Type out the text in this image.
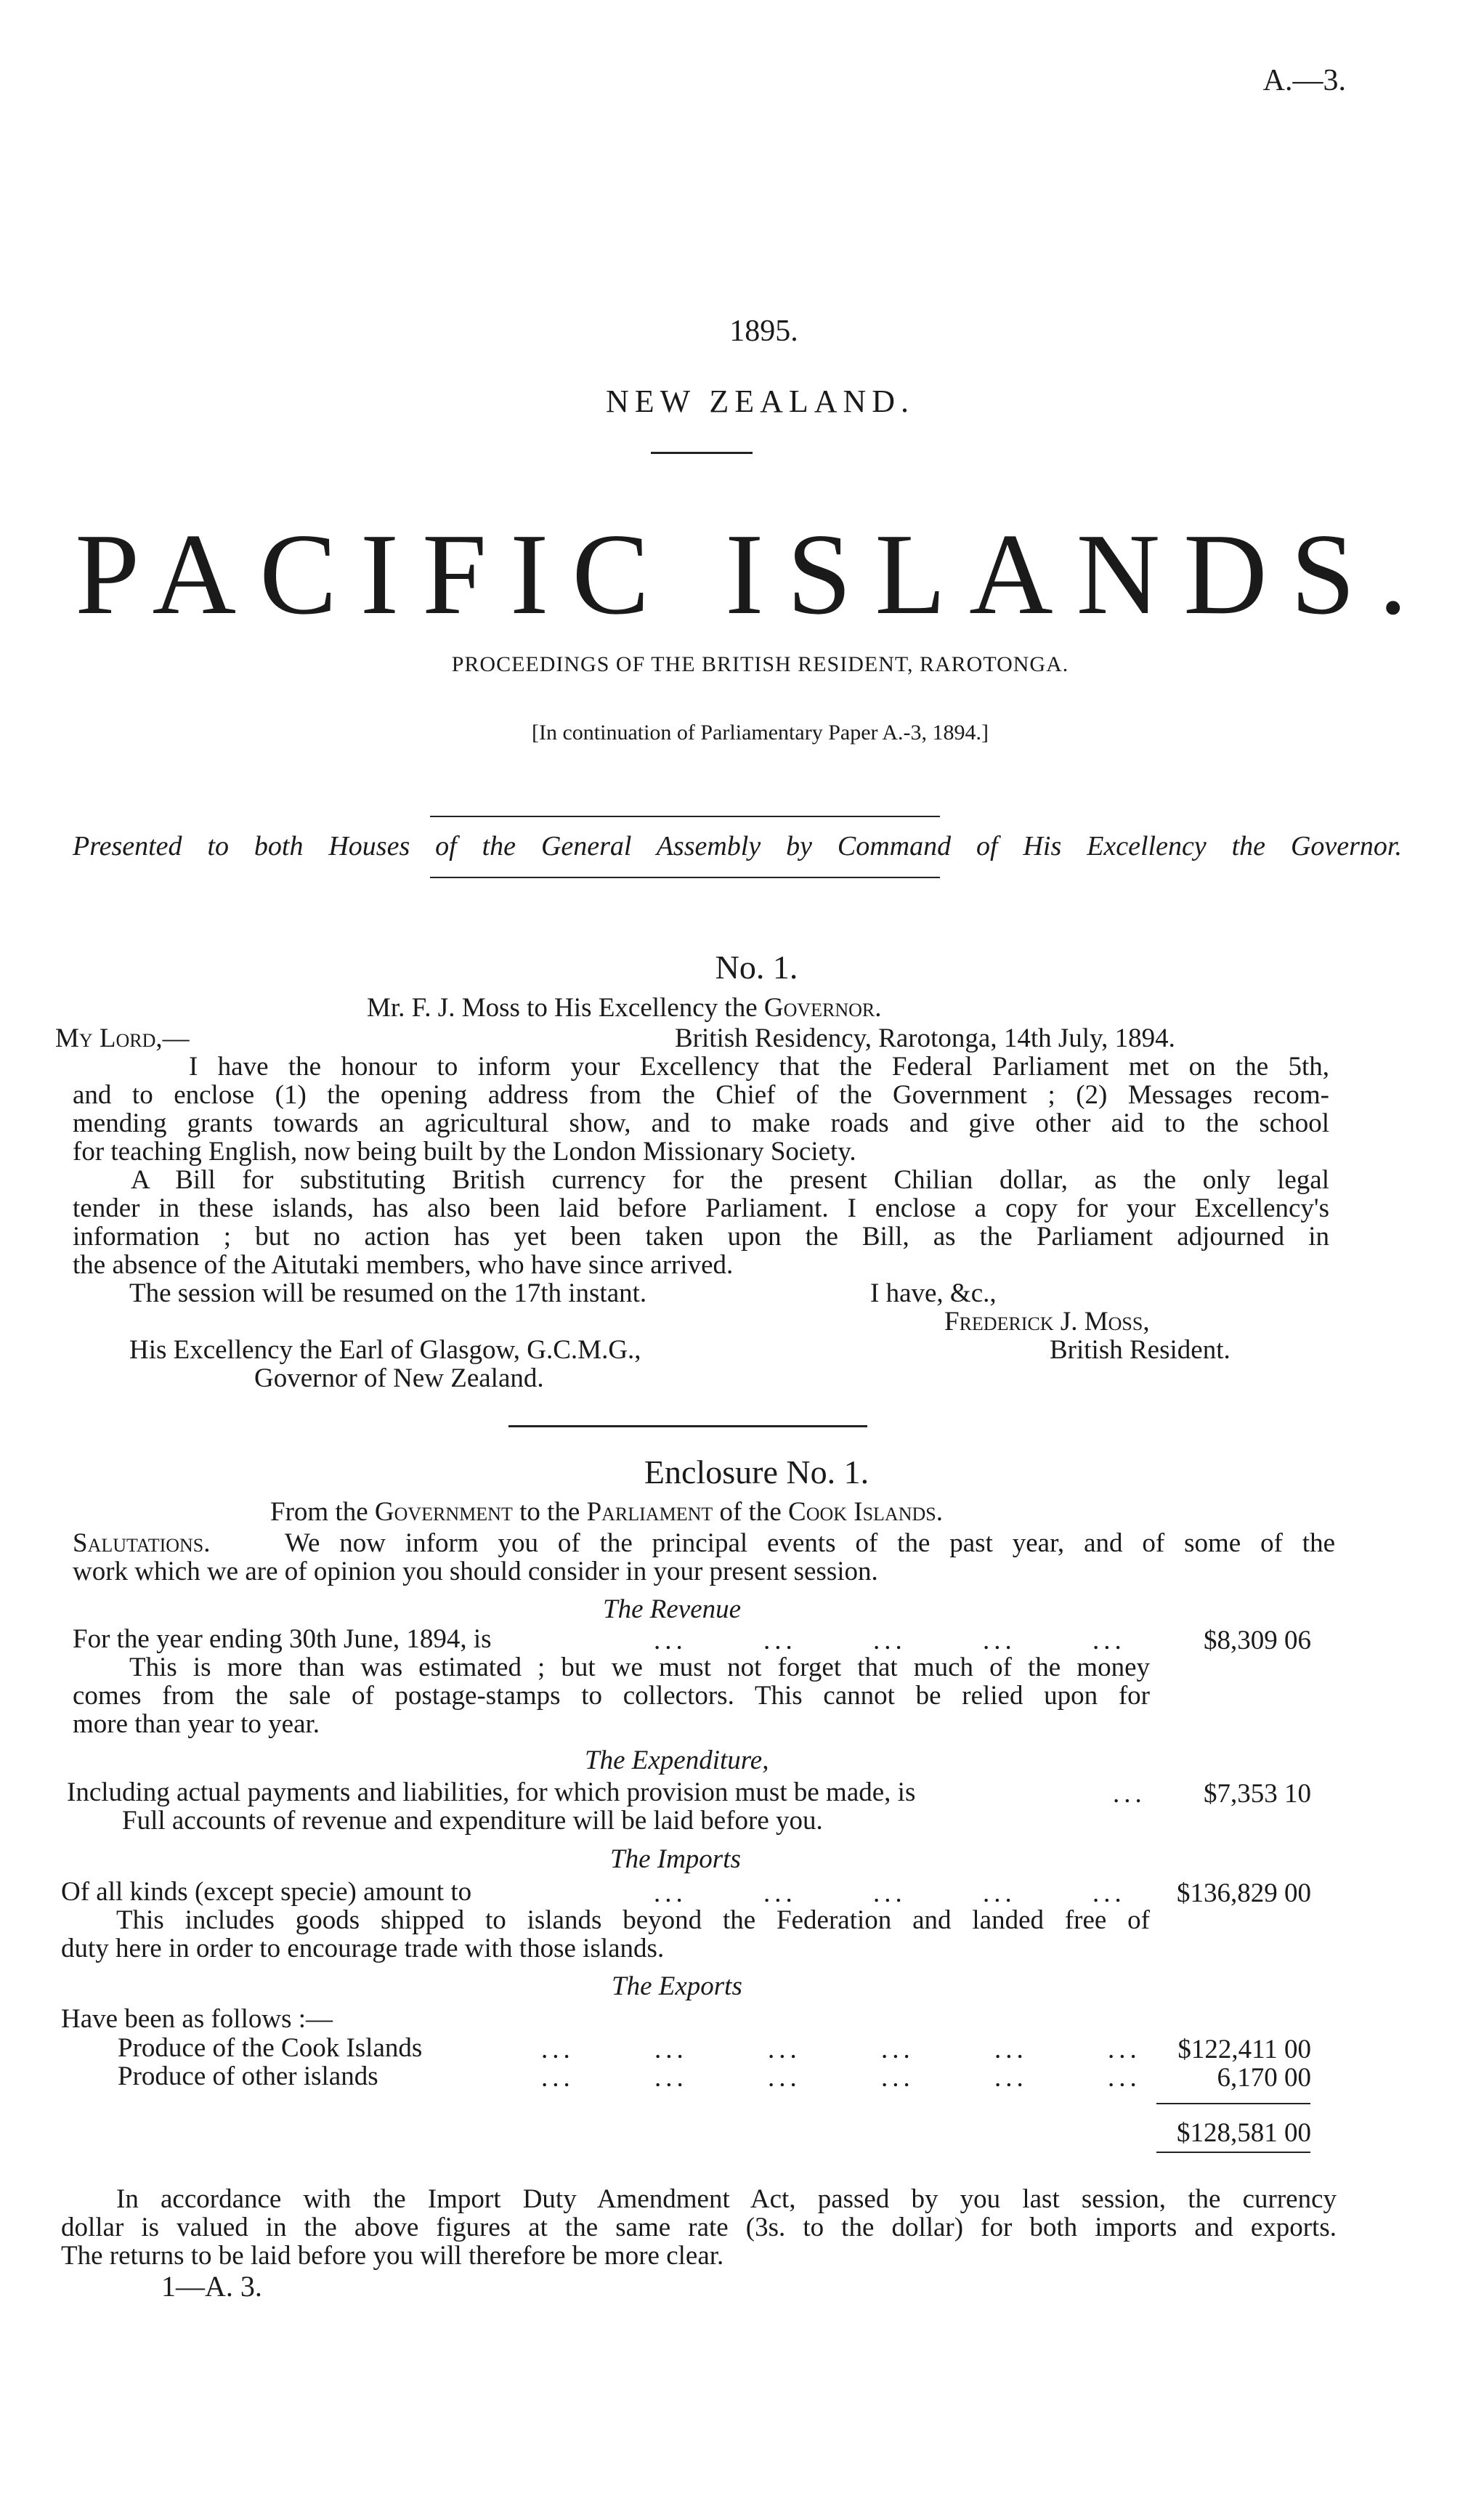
A.—3.
1895.
NEW ZEALAND.
PACIFIC ISLANDS.
PROCEEDINGS OF THE BRITISH RESIDENT, RAROTONGA.
[In continuation of Parliamentary Paper A.-3, 1894.]
Presented to both Houses of the General Assembly by Command of His Excellency the Governor.
No. 1.
Mr. F. J. Moss to His Excellency the Governor.
My Lord,—	British Residency, Rarotonga, 14th July, 1894.
I have the honour to inform your Excellency that the Federal Parliament met on the 5th,
and to enclose (1) the opening address from the Chief of the Government ; (2) Messages recom-
mending grants towards an agricultural show, and to make roads and give other aid to the school
for teaching English, now being built by the London Missionary Society.
A Bill for substituting British currency for the present Chilian dollar, as the only legal
tender in these islands, has also been laid before Parliament. I enclose a copy for your Excellency's
information ; but no action has yet been taken upon the Bill, as the Parliament adjourned in
the absence of the Aitutaki members, who have since arrived.
The session will be resumed on the 17th instant.	I have, &c.,
Frederick J. Moss,
His Excellency the Earl of Glasgow, G.C.M.G.,	British Resident.
Governor of New Zealand.
Enclosure No. 1.
From the Government to the Parliament of the Cook Islands.
Salutations.	We now inform you of the principal events of the past year, and of some of the
work which we are of opinion you should consider in your present session.
The Revenue
For the year ending 30th June, 1894, is	... ... ... ... ...	$8,309 06
This is more than was estimated ; but we must not forget that much of the money
comes from the sale of postage-stamps to collectors. This cannot be relied upon for
more than year to year.
The Expenditure,
Including actual payments and liabilities, for which provision must be made, is	...	$7,353 10
Full accounts of revenue and expenditure will be laid before you.
The Imports
Of all kinds (except specie) amount to	... ... ... ... ...	$136,829 00
This includes goods shipped to islands beyond the Federation and landed free of
duty here in order to encourage trade with those islands.
The Exports
Have been as follows :—
Produce of the Cook Islands	... ... ... ... ... ...	$122,411 00
Produce of other islands	... ... ... ... ... ...	6,170 00
$128,581 00
In accordance with the Import Duty Amendment Act, passed by you last session, the currency
dollar is valued in the above figures at the same rate (3s. to the dollar) for both imports and exports.
The returns to be laid before you will therefore be more clear.
1—A. 3.
